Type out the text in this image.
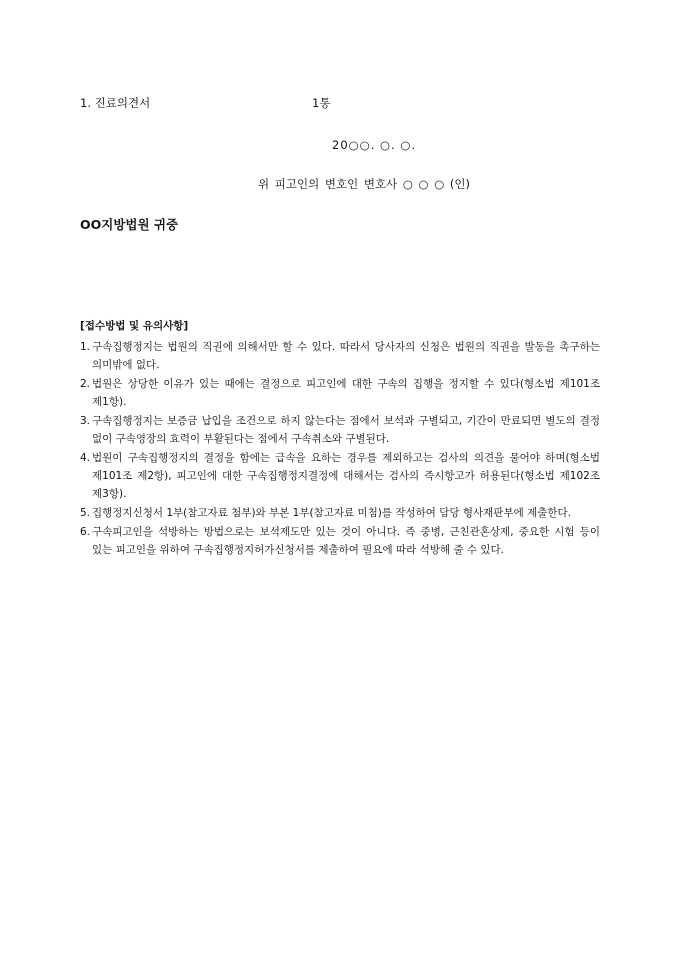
1. 진료의견서	1통
20○○. ○. ○.
위 피고인의 변호인 변호사 ○ ○ ○ (인)
OO지방법원 귀중
[접수방법 및 유의사항]
1. 구속집행정지는 법원의 직권에 의해서만 할 수 있다. 따라서 당사자의 신청은 법원의 직권을 발동을 촉구하는 의미밖에 없다.
2. 법원은 상당한 이유가 있는 때에는 결정으로 피고인에 대한 구속의 집행을 정지할 수 있다(형소법 제101조 제1항).
3. 구속집행정지는 보증금 납입을 조건으로 하지 않는다는 점에서 보석과 구별되고, 기간이 만료되면 별도의 결정 없이 구속영장의 효력이 부활된다는 점에서 구속취소와 구별된다.
4. 법원이 구속집행정지의 결정을 함에는 급속을 요하는 경우를 제외하고는 검사의 의견을 물어야 하며(형소법 제101조 제2항), 피고인에 대한 구속집행정지결정에 대해서는 검사의 즉시항고가 허용된다(형소법 제102조 제3항).
5. 집행정지신청서 1부(참고자료 첨부)와 부본 1부(참고자료 미첨)를 작성하여 담당 형사재판부에 제출한다.
6. 구속피고인을 석방하는 방법으로는 보석제도만 있는 것이 아니다. 즉 중병, 근친관혼상제, 중요한 시험 등이 있는 피고인을 위하여 구속집행정지허가신청서를 제출하여 필요에 따라 석방해 줄 수 있다.
